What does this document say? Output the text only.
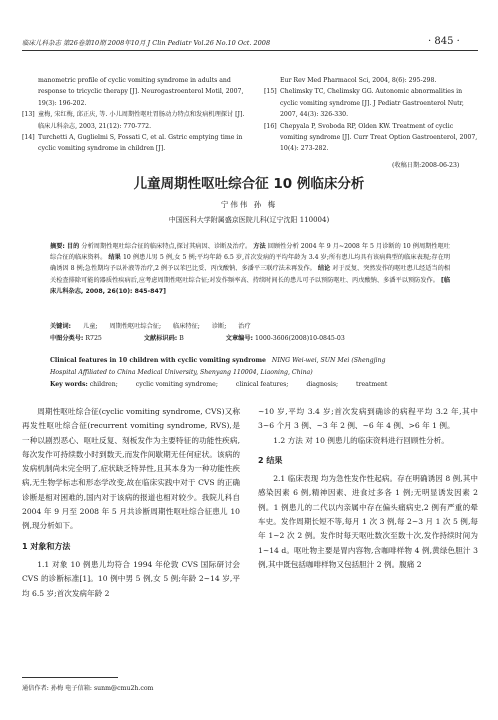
临床儿科杂志 第26卷第10期 2008年10月 J Clin Pediatr Vol.26 No.10 Oct. 2008	· 845 ·
manometric profile of cyclic vomiting syndrome in adults and response to tricyclic therapy [J]. Neurogastroenterol Motil, 2007, 19(3): 196-202.
[13] 童梅, 宋红梅, 邱正庆, 等. 小儿周期性呕吐胃肠动力特点和发病机理探讨 [J]. 临床儿科杂志, 2003, 21(12): 770-772.
[14] Turchetti A, Guglielmi S, Fossati C, et al. Gstric emptying time in cyclic vomiting syndrome in children [J].
Eur Rev Med Pharmacol Sci, 2004, 8(6): 295-298.
[15] Chelimsky TC, Chelimsky GG. Autonomic abnormalities in cyclic vomiting syndrome [J]. J Pediatr Gastroenterol Nutr, 2007, 44(3): 326-330.
[16] Chepyala P, Svoboda RP, Olden KW. Treatment of cyclic vomiting syndrome [J]. Curr Treat Option Gastroenterol, 2007, 10(4): 273-282.
(收稿日期:2008-06-23)
儿童周期性呕吐综合征 10 例临床分析
宁伟伟 孙 梅
中国医科大学附属盛京医院儿科(辽宁沈阳 110004)
摘要: 目的 分析周期性呕吐综合征的临床特点,探讨其病因、诊断及治疗。 方法 回顾性分析 2004 年 9 月~2008 年 5 月诊断的 10 例周期性呕吐综合征的临床资料。 结果 10 例患儿男 5 例,女 5 例;平均年龄 6.5 岁,首次发病的平均年龄为 3.4 岁;所有患儿均具有该病典型的临床表现;存在明确诱因 8 例;急性期均予以补液等治疗,2 例予以苯巴比妥、丙戊酸钠、多潘平三联疗法未再发作。 结论 对于反复、突然发作的呕吐患儿经适当的相关检查排除可能的器质性疾病后,应考虑周期性呕吐综合征;对发作频率高、持续时间长的患儿可予以预防呕吐、丙戊酸钠、多潘平以预防发作。 [临床儿科杂志, 2008, 26(10): 845-847]
关键词: 儿童; 周期性呕吐综合征; 临床特征; 诊断; 治疗
中图分类号: R725	文献标识码: B	文章编号: 1000-3606(2008)10-0845-03
Clinical features in 10 children with cyclic vomiting syndrome NING Wei-wei, SUN Mei (Shengjing
Hospital Affiliated to China Medical University, Shenyang 110004, Liaoning, China)
Key words: children;	cyclic vomiting syndrome;	clinical features;	diagnosis;	treatment

周期性呕吐综合征(cyclic vomiting syndrome, CVS)又称再发性呕吐综合征(recurrent vomiting syndrome, RVS),是一种以剧烈恶心、呕吐反复、刻板发作为主要特征的功能性疾病,每次发作可持续数小时到数天,而发作间歇期无任何症状。该病的发病机制尚未完全明了,症状缺乏特异性,且其本身为一种功能性疾病,无生物学标志和形态学改变,故在临床实践中对于 CVS 的正确诊断是相对困难的,国内对于该病的报道也相对较少。我院儿科自 2004 年 9 月至 2008 年 5 月共诊断周期性呕吐综合征患儿 10 例,现分析如下。

1 对象和方法

1.1 对象 10 例患儿均符合 1994 年伦敦 CVS 国际研讨会 CVS 的诊断标准[1]。10 例中男 5 例,女 5 例;年龄 2~14 岁,平均 6.5 岁;首次发病年龄 2

~10 岁,平均 3.4 岁;首次发病到确诊的病程平均 3.2 年,其中 3~6 个月 3 例、~3 年 2 例、~6 年 4 例、>6 年 1 例。

1.2 方法 对 10 例患儿的临床资料进行回顾性分析。

2 结果

2.1 临床表现 均为急性发作性起病。存在明确诱因 8 例,其中感染因素 6 例,精神因素、进食过多各 1 例;无明显诱发因素 2 例。1 例患儿的二代以内亲属中存在偏头痛病史,2 例有严重的晕车史。发作周期长短不等,每月 1 次 3 例,每 2~3 月 1 次 5 例,每年 1~2 次 2 例。发作时每天呕吐数次至数十次,发作持续时间为 1~14 d。呕吐物主要是胃内容物,含咖啡样物 4 例,黄绿色胆汁 3 例,其中既包括咖啡样物又包括胆汁 2 例。腹痛 2

通信作者: 孙梅 电子信箱: sunm@cmu2h.com
